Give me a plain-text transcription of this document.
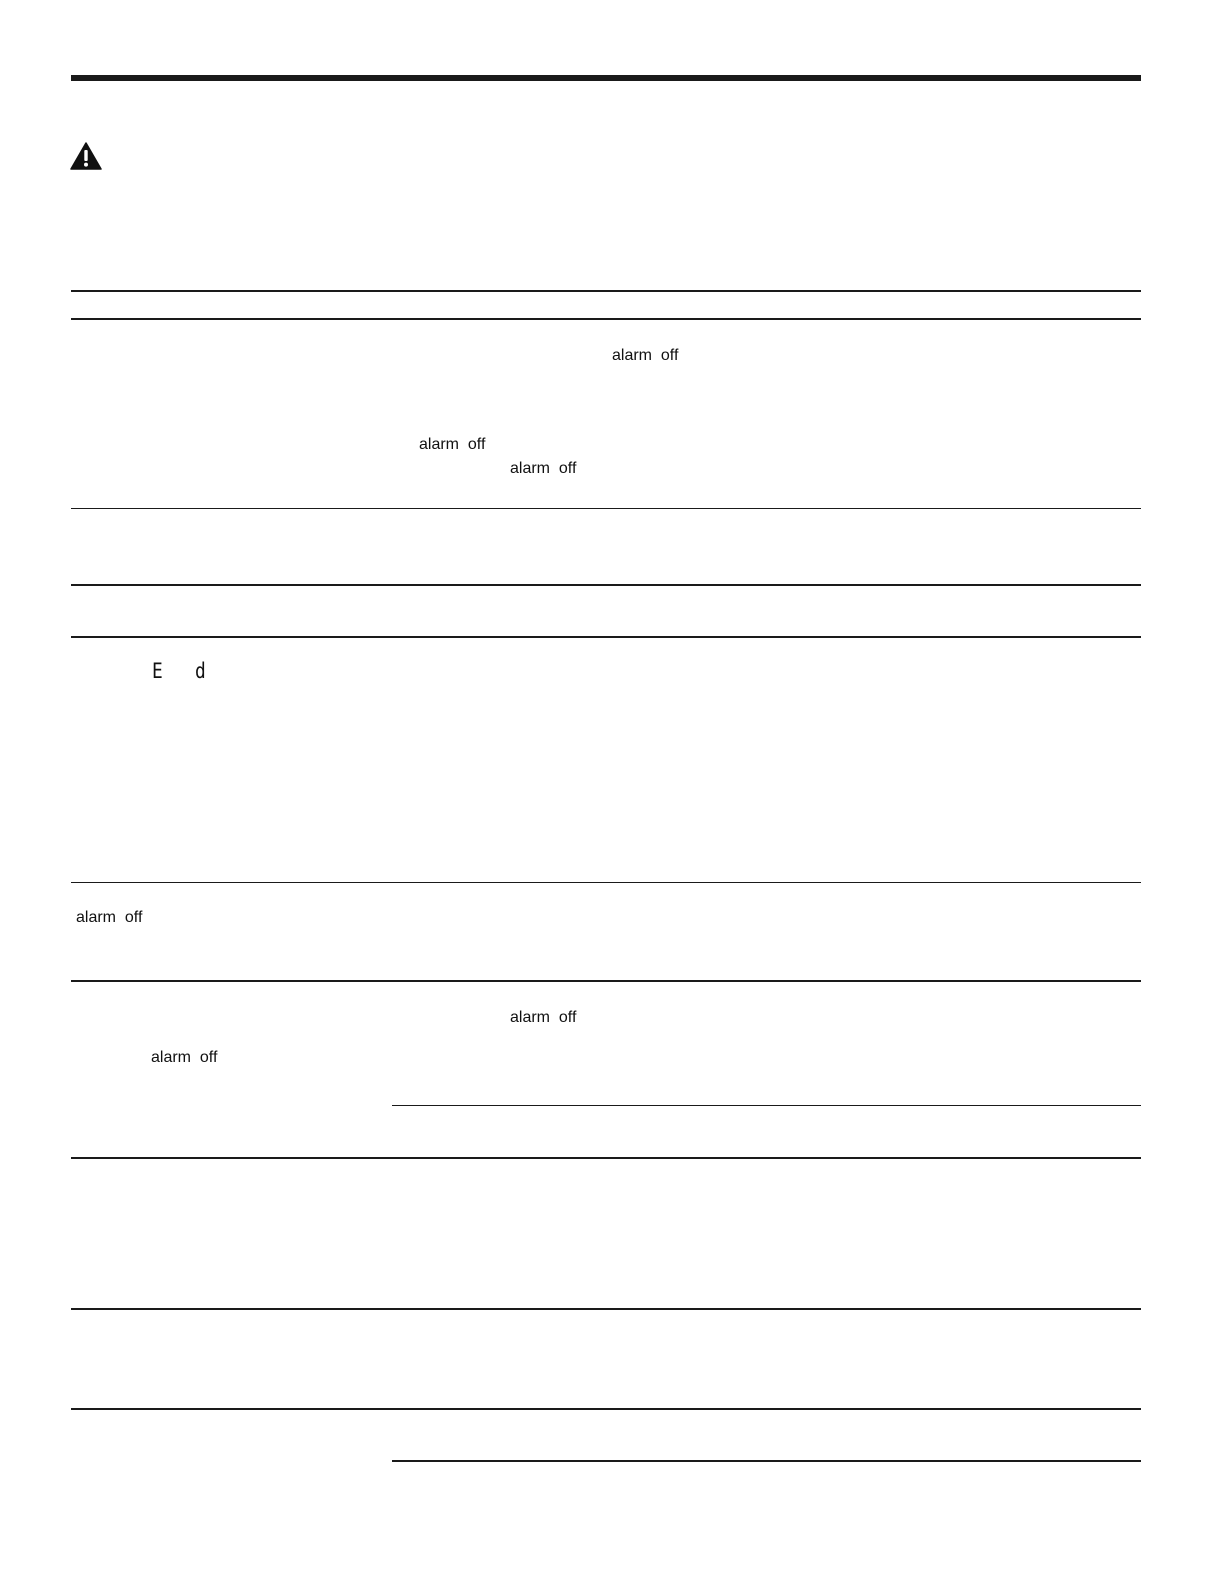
alarm  off
alarm  off
alarm  off
E   d
alarm  off
alarm  off
alarm  off
